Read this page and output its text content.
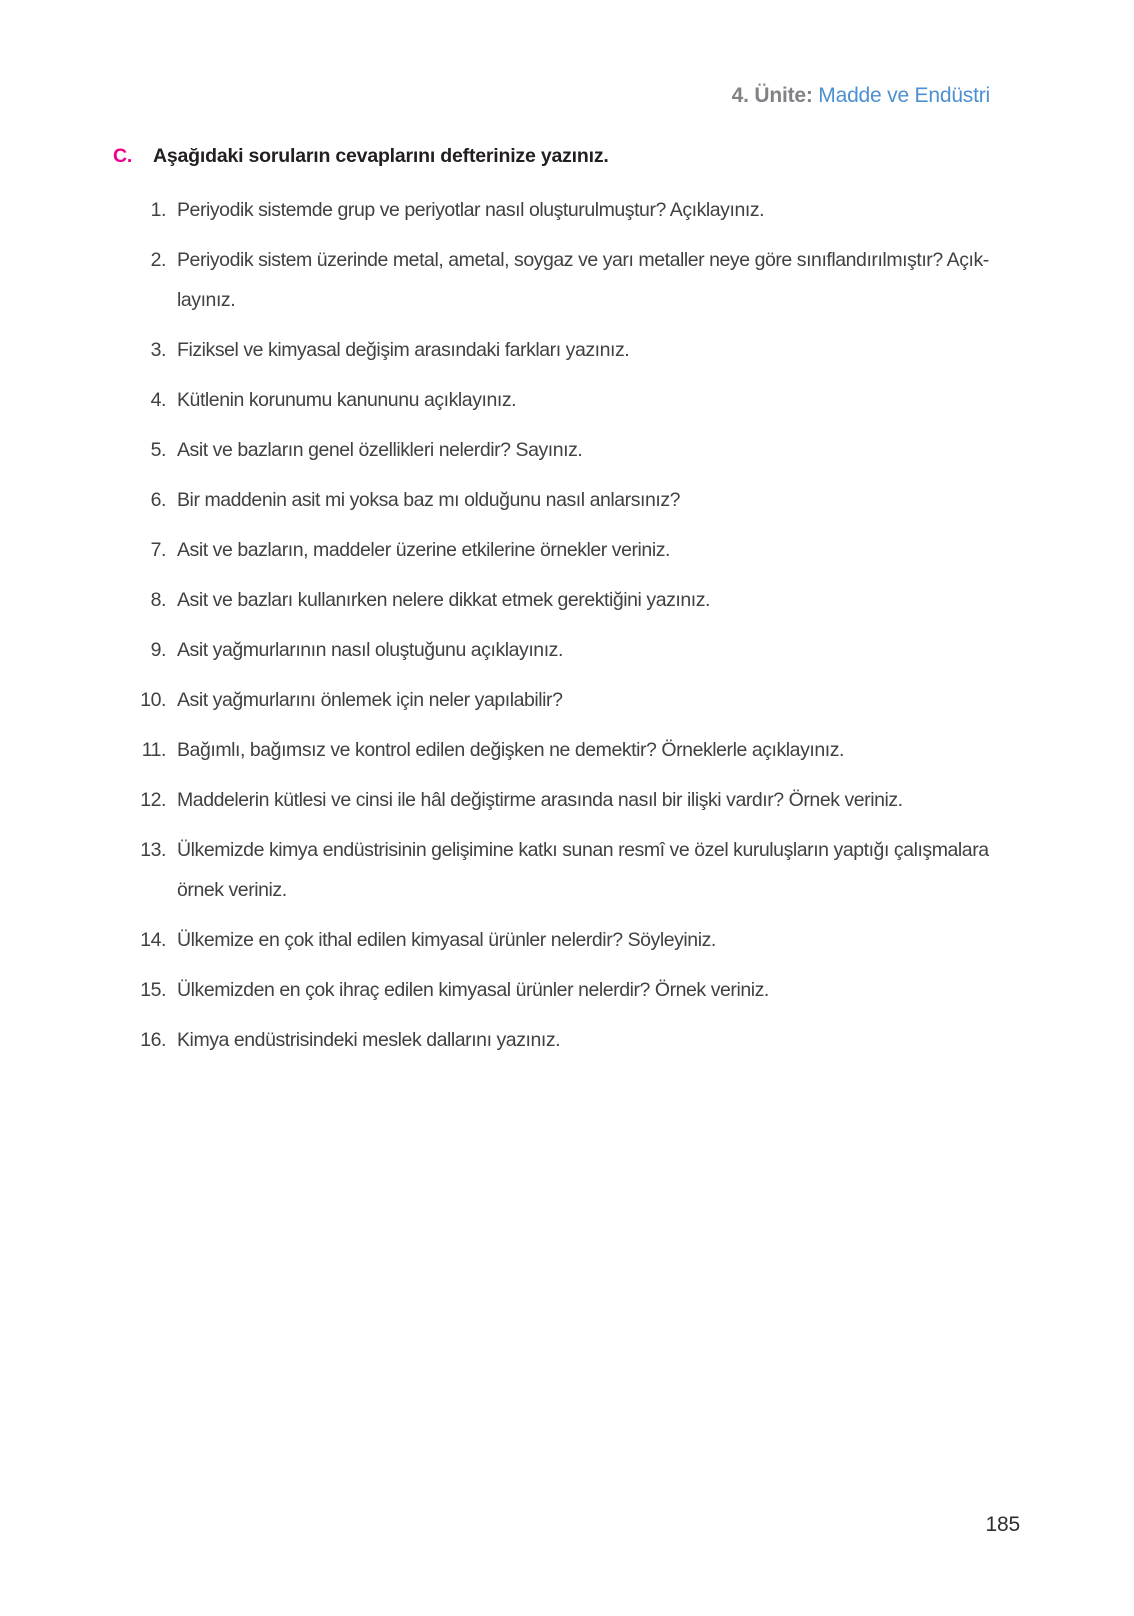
4. Ünite: Madde ve Endüstri
C.	Aşağıdaki soruların cevaplarını defterinize yazınız.
1. Periyodik sistemde grup ve periyotlar nasıl oluşturulmuştur? Açıklayınız.
2. Periyodik sistem üzerinde metal, ametal, soygaz ve yarı metaller neye göre sınıflandırılmıştır? Açık-
layınız.
3. Fiziksel ve kimyasal değişim arasındaki farkları yazınız.
4. Kütlenin korunumu kanununu açıklayınız.
5. Asit ve bazların genel özellikleri nelerdir? Sayınız.
6. Bir maddenin asit mi yoksa baz mı olduğunu nasıl anlarsınız?
7. Asit ve bazların, maddeler üzerine etkilerine örnekler veriniz.
8. Asit ve bazları kullanırken nelere dikkat etmek gerektiğini yazınız.
9. Asit yağmurlarının nasıl oluştuğunu açıklayınız.
10. Asit yağmurlarını önlemek için neler yapılabilir?
11. Bağımlı, bağımsız ve kontrol edilen değişken ne demektir? Örneklerle açıklayınız.
12. Maddelerin kütlesi ve cinsi ile hâl değiştirme arasında nasıl bir ilişki vardır? Örnek veriniz.
13. Ülkemizde kimya endüstrisinin gelişimine katkı sunan resmî ve özel kuruluşların yaptığı çalışmalara
örnek veriniz.
14. Ülkemize en çok ithal edilen kimyasal ürünler nelerdir? Söyleyiniz.
15. Ülkemizden en çok ihraç edilen kimyasal ürünler nelerdir? Örnek veriniz.
16. Kimya endüstrisindeki meslek dallarını yazınız.
185
